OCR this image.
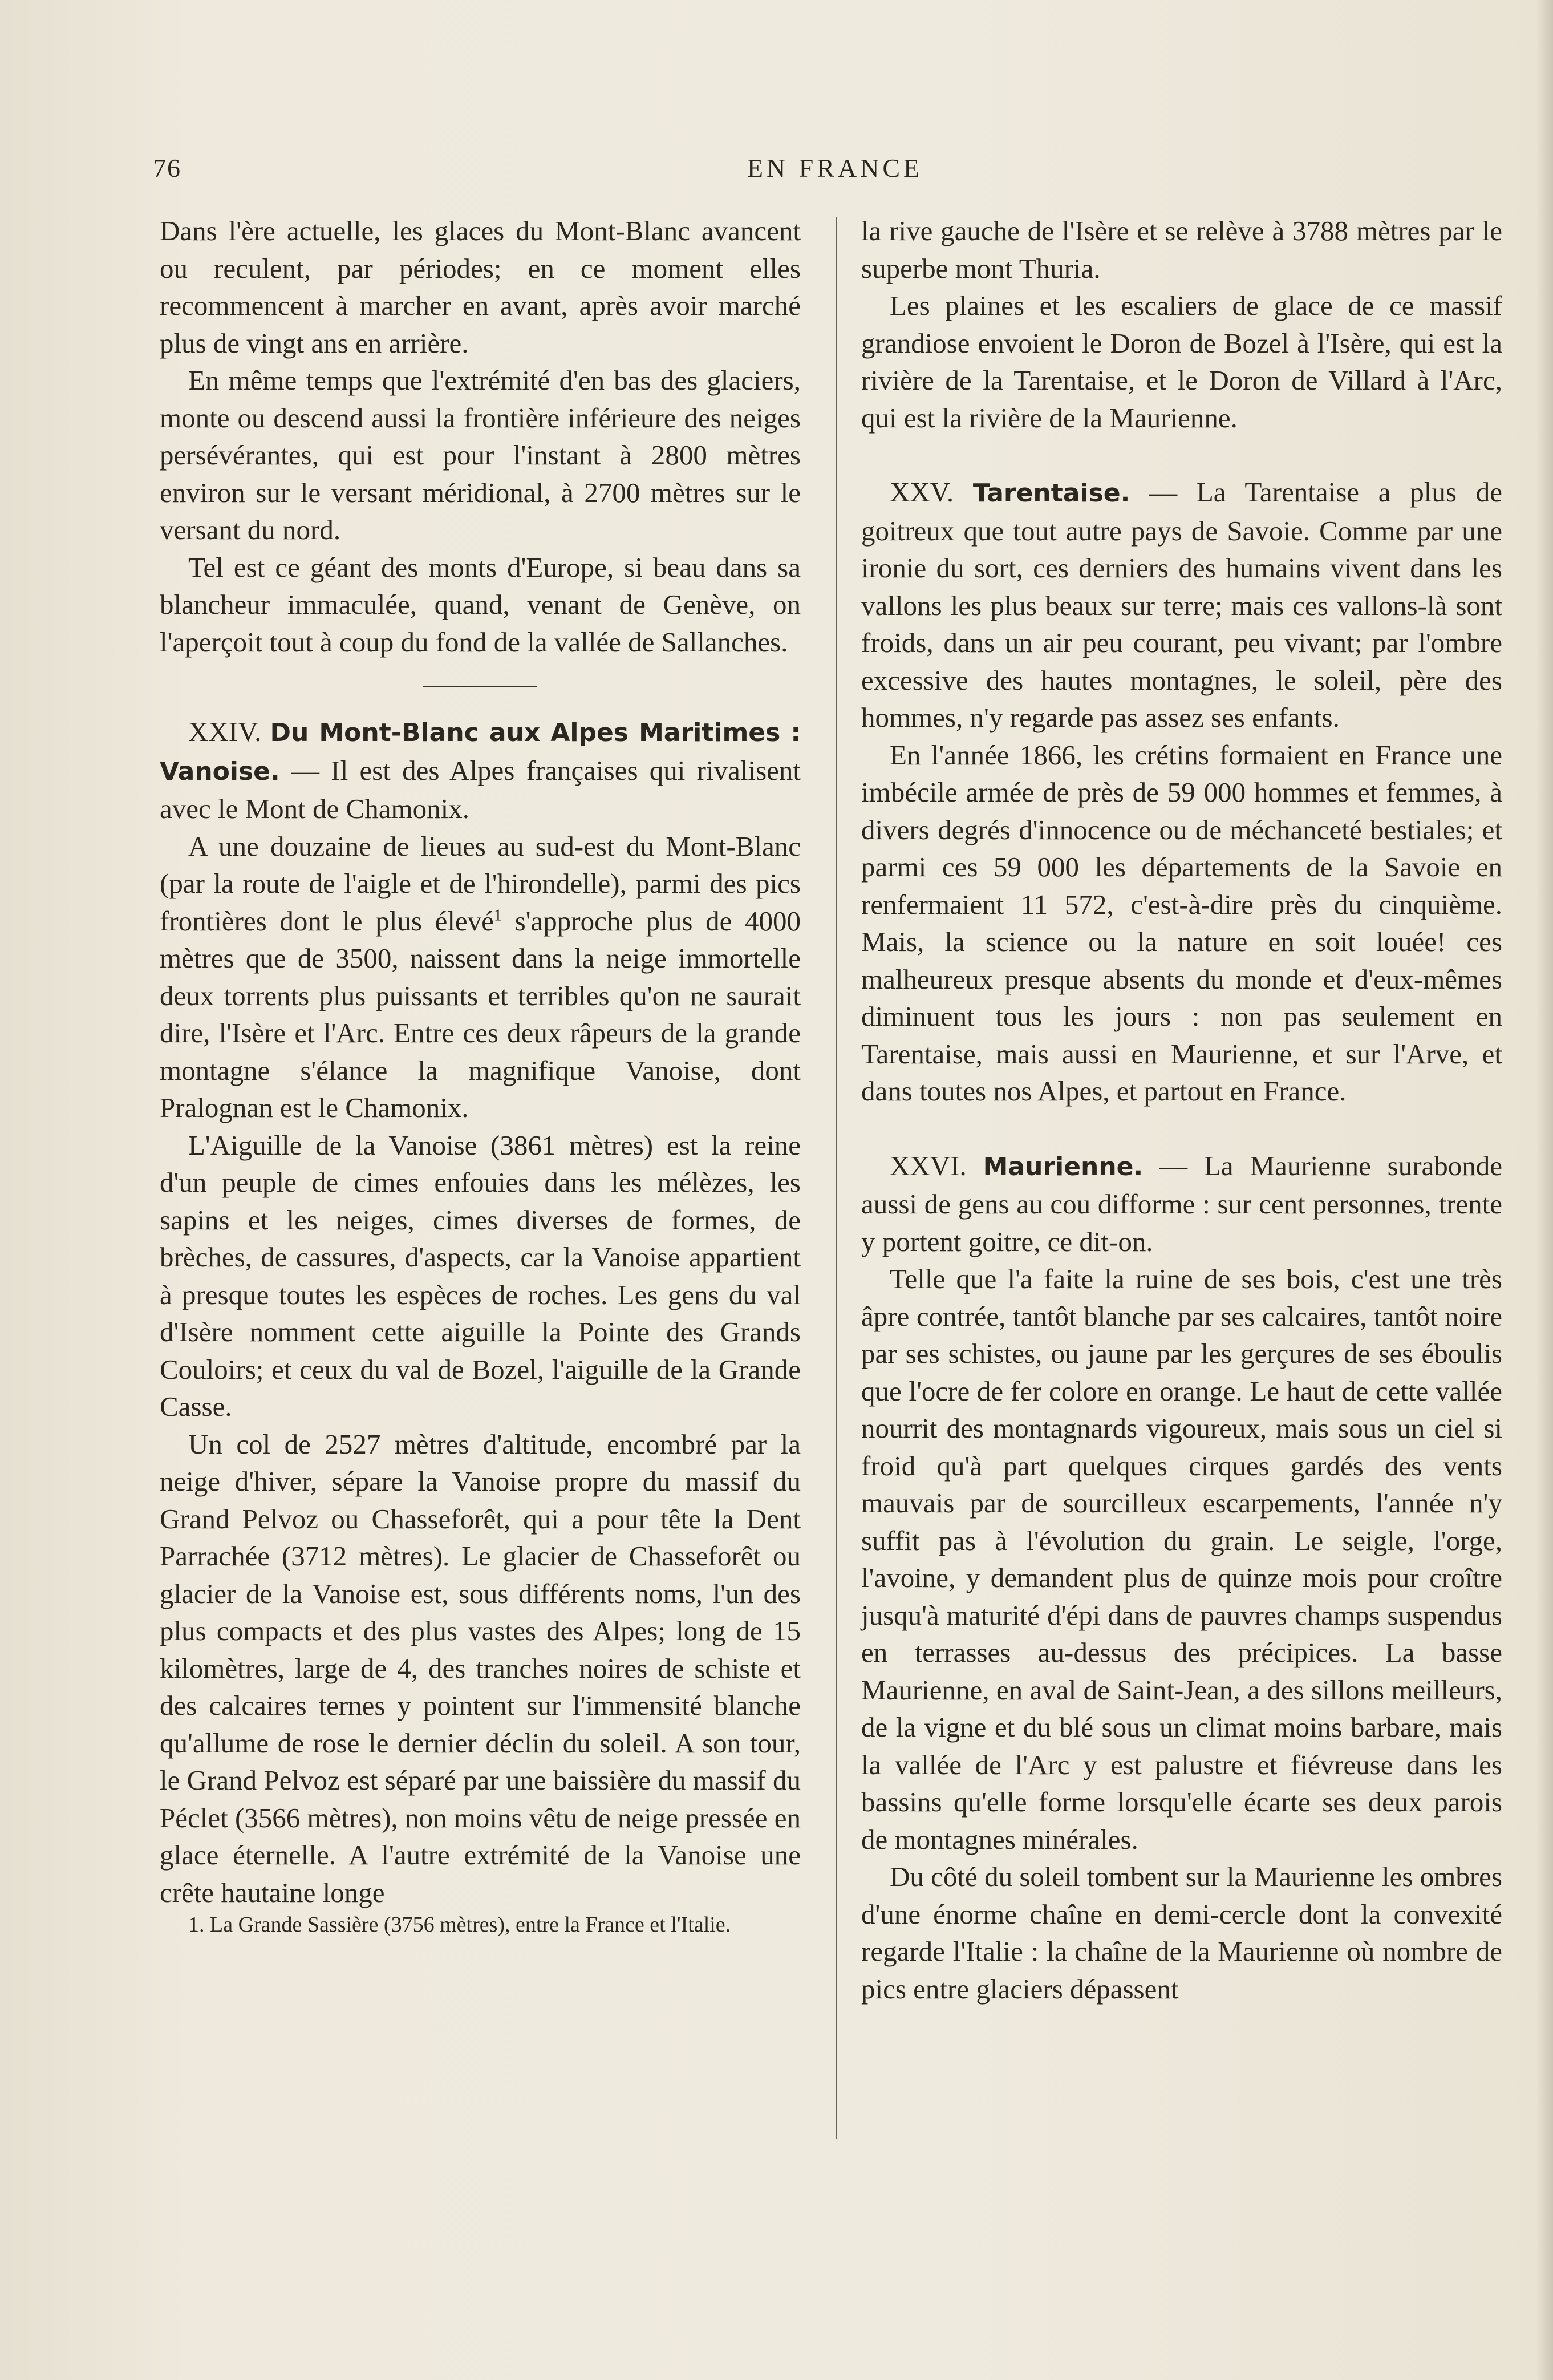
76	EN FRANCE

Dans l'ère actuelle, les glaces du Mont-Blanc avancent ou reculent, par périodes; en ce moment elles recommencent à marcher en avant, après avoir marché plus de vingt ans en arrière.

En même temps que l'extrémité d'en bas des glaciers, monte ou descend aussi la frontière inférieure des neiges persévérantes, qui est pour l'instant à 2800 mètres environ sur le versant méridional, à 2700 mètres sur le versant du nord.

Tel est ce géant des monts d'Europe, si beau dans sa blancheur immaculée, quand, venant de Genève, on l'aperçoit tout à coup du fond de la vallée de Sallanches.

XXIV. Du Mont-Blanc aux Alpes Maritimes : Vanoise. — Il est des Alpes françaises qui rivalisent avec le Mont de Chamonix.

A une douzaine de lieues au sud-est du Mont-Blanc (par la route de l'aigle et de l'hirondelle), parmi des pics frontières dont le plus élevé$^1$ s'approche plus de 4000 mètres que de 3500, naissent dans la neige immortelle deux torrents plus puissants et terribles qu'on ne saurait dire, l'Isère et l'Arc. Entre ces deux râpeurs de la grande montagne s'élance la magnifique Vanoise, dont Pralognan est le Chamonix.

L'Aiguille de la Vanoise (3861 mètres) est la reine d'un peuple de cimes enfouies dans les mélèzes, les sapins et les neiges, cimes diverses de formes, de brèches, de cassures, d'aspects, car la Vanoise appartient à presque toutes les espèces de roches. Les gens du val d'Isère nomment cette aiguille la Pointe des Grands Couloirs; et ceux du val de Bozel, l'aiguille de la Grande Casse.

Un col de 2527 mètres d'altitude, encombré par la neige d'hiver, sépare la Vanoise propre du massif du Grand Pelvoz ou Chasseforêt, qui a pour tête la Dent Parrachée (3712 mètres). Le glacier de Chasseforêt ou glacier de la Vanoise est, sous différents noms, l'un des plus compacts et des plus vastes des Alpes; long de 15 kilomètres, large de 4, des tranches noires de schiste et des calcaires ternes y pointent sur l'immensité blanche qu'allume de rose le dernier déclin du soleil. A son tour, le Grand Pelvoz est séparé par une baissière du massif du Péclet (3566 mètres), non moins vêtu de neige pressée en glace éternelle. A l'autre extrémité de la Vanoise une crête hautaine longe

1. La Grande Sassière (3756 mètres), entre la France et l'Italie.

la rive gauche de l'Isère et se relève à 3788 mètres par le superbe mont Thuria.

Les plaines et les escaliers de glace de ce massif grandiose envoient le Doron de Bozel à l'Isère, qui est la rivière de la Tarentaise, et le Doron de Villard à l'Arc, qui est la rivière de la Maurienne.

XXV. Tarentaise. — La Tarentaise a plus de goitreux que tout autre pays de Savoie. Comme par une ironie du sort, ces derniers des humains vivent dans les vallons les plus beaux sur terre; mais ces vallons-là sont froids, dans un air peu courant, peu vivant; par l'ombre excessive des hautes montagnes, le soleil, père des hommes, n'y regarde pas assez ses enfants.

En l'année 1866, les crétins formaient en France une imbécile armée de près de 59 000 hommes et femmes, à divers degrés d'innocence ou de méchanceté bestiales; et parmi ces 59 000 les départements de la Savoie en renfermaient 11 572, c'est-à-dire près du cinquième. Mais, la science ou la nature en soit louée! ces malheureux presque absents du monde et d'eux-mêmes diminuent tous les jours : non pas seulement en Tarentaise, mais aussi en Maurienne, et sur l'Arve, et dans toutes nos Alpes, et partout en France.

XXVI. Maurienne. — La Maurienne surabonde aussi de gens au cou difforme : sur cent personnes, trente y portent goitre, ce dit-on.

Telle que l'a faite la ruine de ses bois, c'est une très âpre contrée, tantôt blanche par ses calcaires, tantôt noire par ses schistes, ou jaune par les gerçures de ses éboulis que l'ocre de fer colore en orange. Le haut de cette vallée nourrit des montagnards vigoureux, mais sous un ciel si froid qu'à part quelques cirques gardés des vents mauvais par de sourcilleux escarpements, l'année n'y suffit pas à l'évolution du grain. Le seigle, l'orge, l'avoine, y demandent plus de quinze mois pour croître jusqu'à maturité d'épi dans de pauvres champs suspendus en terrasses au-dessus des précipices. La basse Maurienne, en aval de Saint-Jean, a des sillons meilleurs, de la vigne et du blé sous un climat moins barbare, mais la vallée de l'Arc y est palustre et fiévreuse dans les bassins qu'elle forme lorsqu'elle écarte ses deux parois de montagnes minérales.

Du côté du soleil tombent sur la Maurienne les ombres d'une énorme chaîne en demi-cercle dont la convexité regarde l'Italie : la chaîne de la Maurienne où nombre de pics entre glaciers dépassent
